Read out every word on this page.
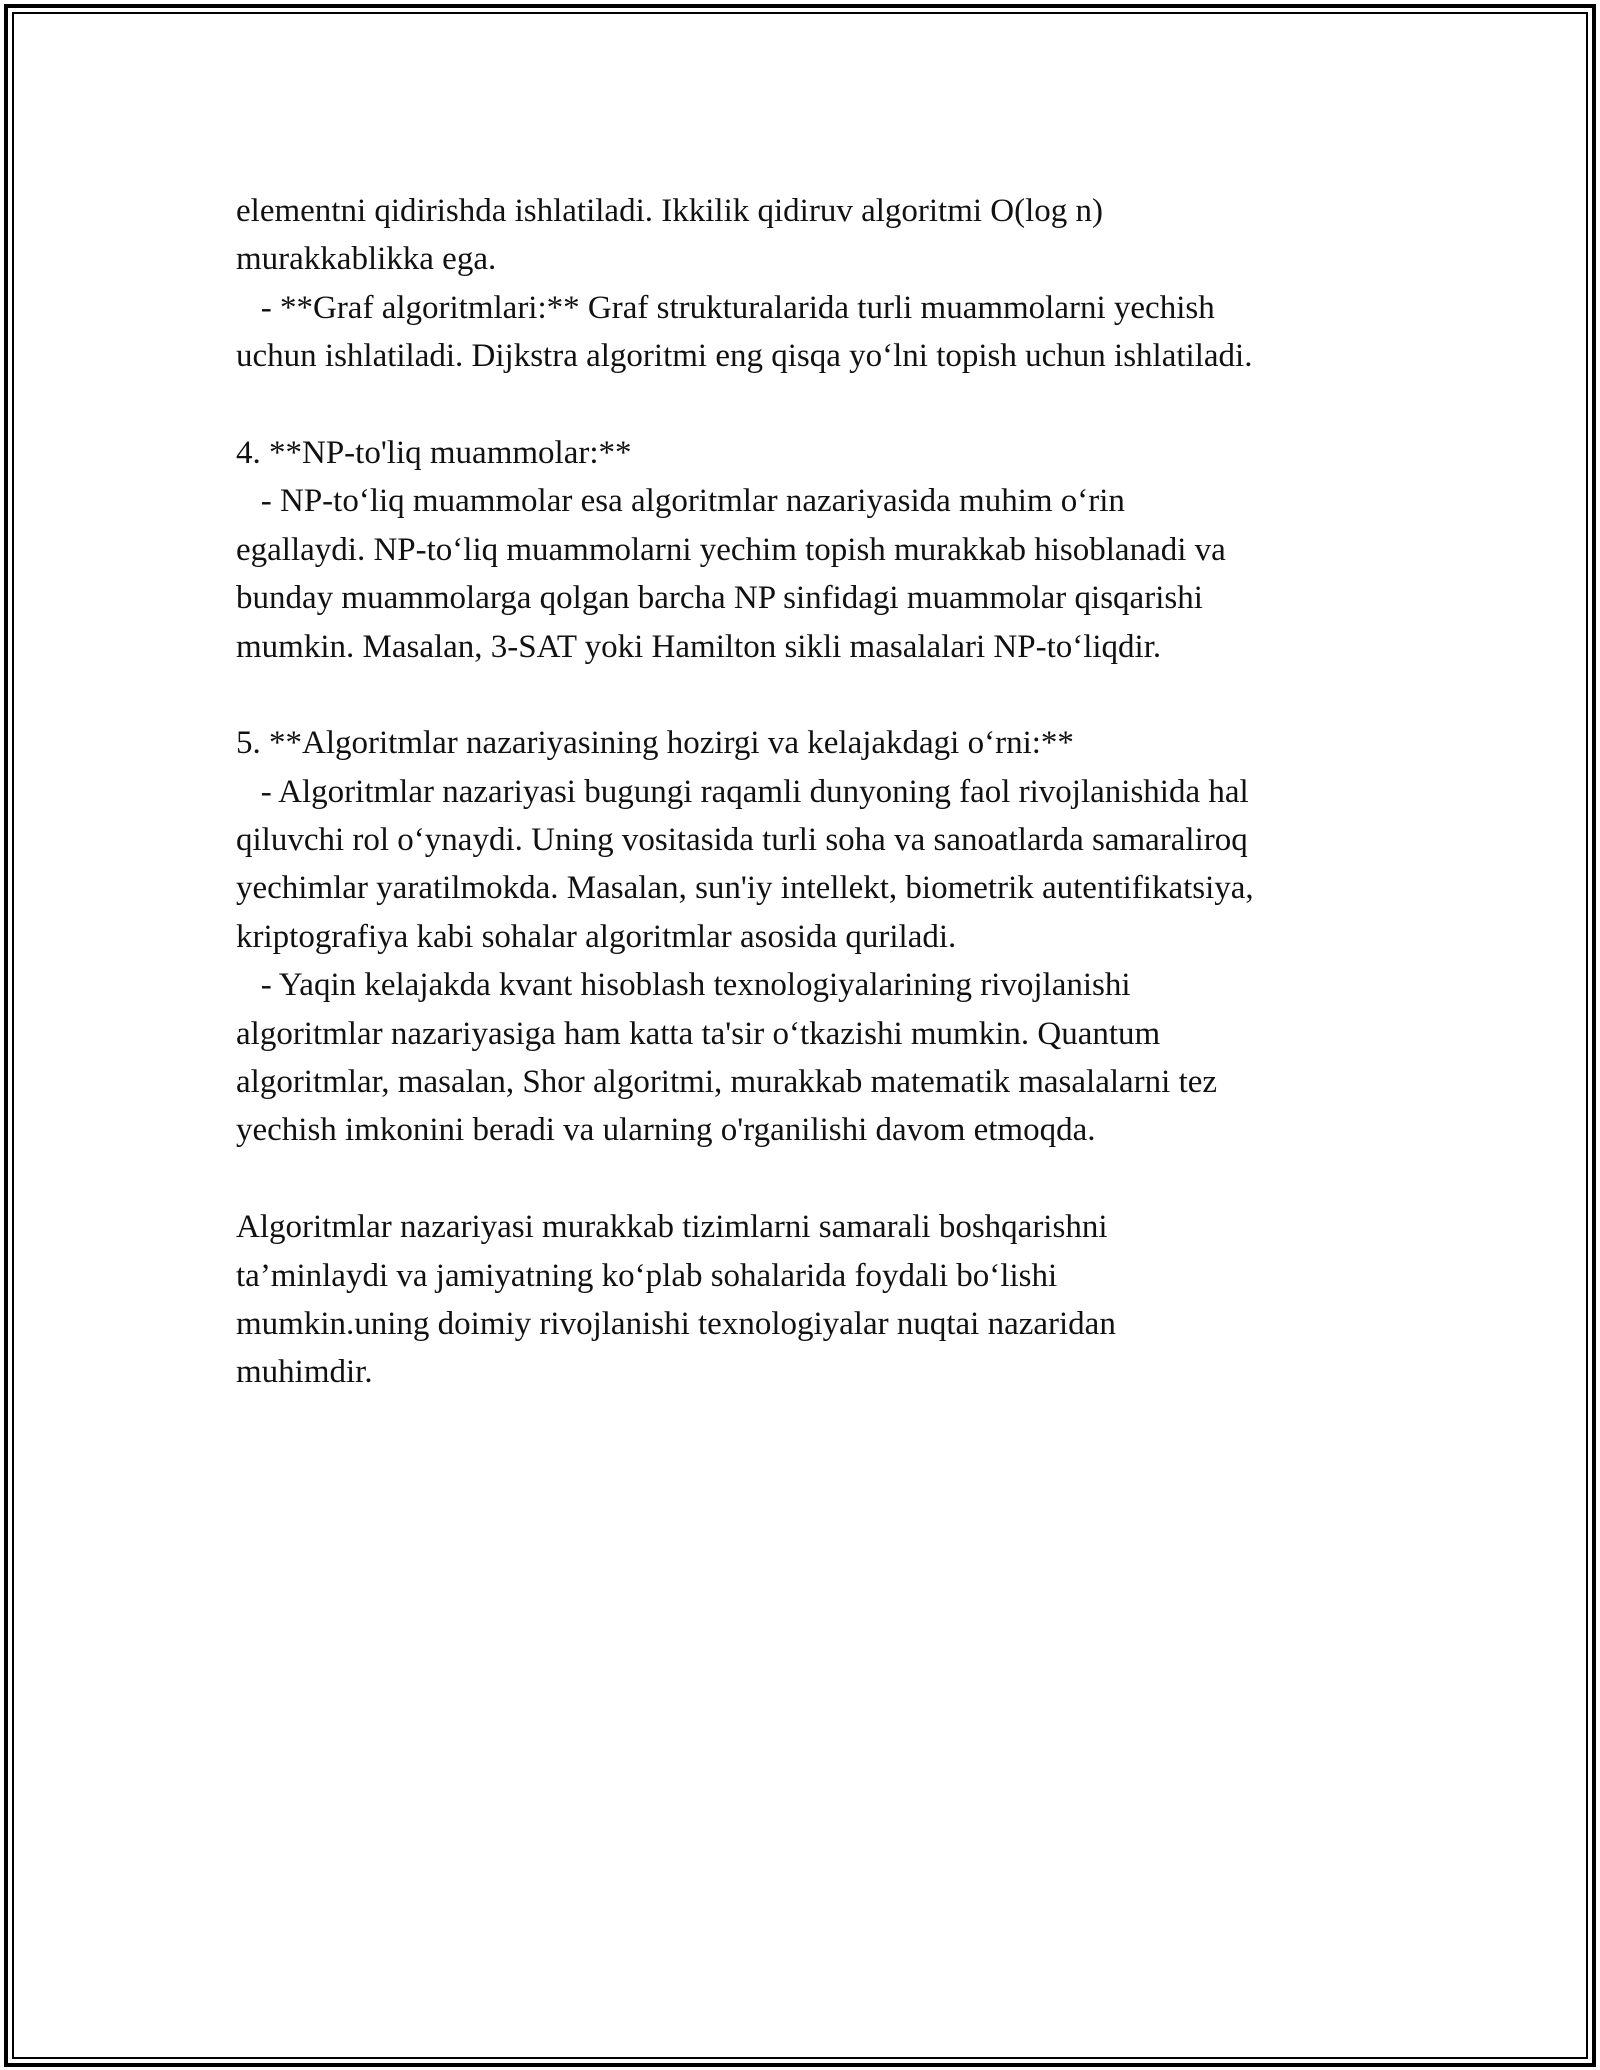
elementni qidirishda ishlatiladi. Ikkilik qidiruv algoritmi O(log n)
murakkablikka ega.
- **Graf algoritmlari:** Graf strukturalarida turli muammolarni yechish
uchun ishlatiladi. Dijkstra algoritmi eng qisqa yo‘lni topish uchun ishlatiladi.
4. **NP-to'liq muammolar:**
- NP-to‘liq muammolar esa algoritmlar nazariyasida muhim o‘rin
egallaydi. NP-to‘liq muammolarni yechim topish murakkab hisoblanadi va
bunday muammolarga qolgan barcha NP sinfidagi muammolar qisqarishi
mumkin. Masalan, 3-SAT yoki Hamilton sikli masalalari NP-to‘liqdir.
5. **Algoritmlar nazariyasining hozirgi va kelajakdagi o‘rni:**
- Algoritmlar nazariyasi bugungi raqamli dunyoning faol rivojlanishida hal
qiluvchi rol o‘ynaydi. Uning vositasida turli soha va sanoatlarda samaraliroq
yechimlar yaratilmokda. Masalan, sun'iy intellekt, biometrik autentifikatsiya,
kriptografiya kabi sohalar algoritmlar asosida quriladi.
- Yaqin kelajakda kvant hisoblash texnologiyalarining rivojlanishi
algoritmlar nazariyasiga ham katta ta'sir o‘tkazishi mumkin. Quantum
algoritmlar, masalan, Shor algoritmi, murakkab matematik masalalarni tez
yechish imkonini beradi va ularning o'rganilishi davom etmoqda.
Algoritmlar nazariyasi murakkab tizimlarni samarali boshqarishni
ta’minlaydi va jamiyatning ko‘plab sohalarida foydali bo‘lishi
mumkin.uning doimiy rivojlanishi texnologiyalar nuqtai nazaridan
muhimdir.
